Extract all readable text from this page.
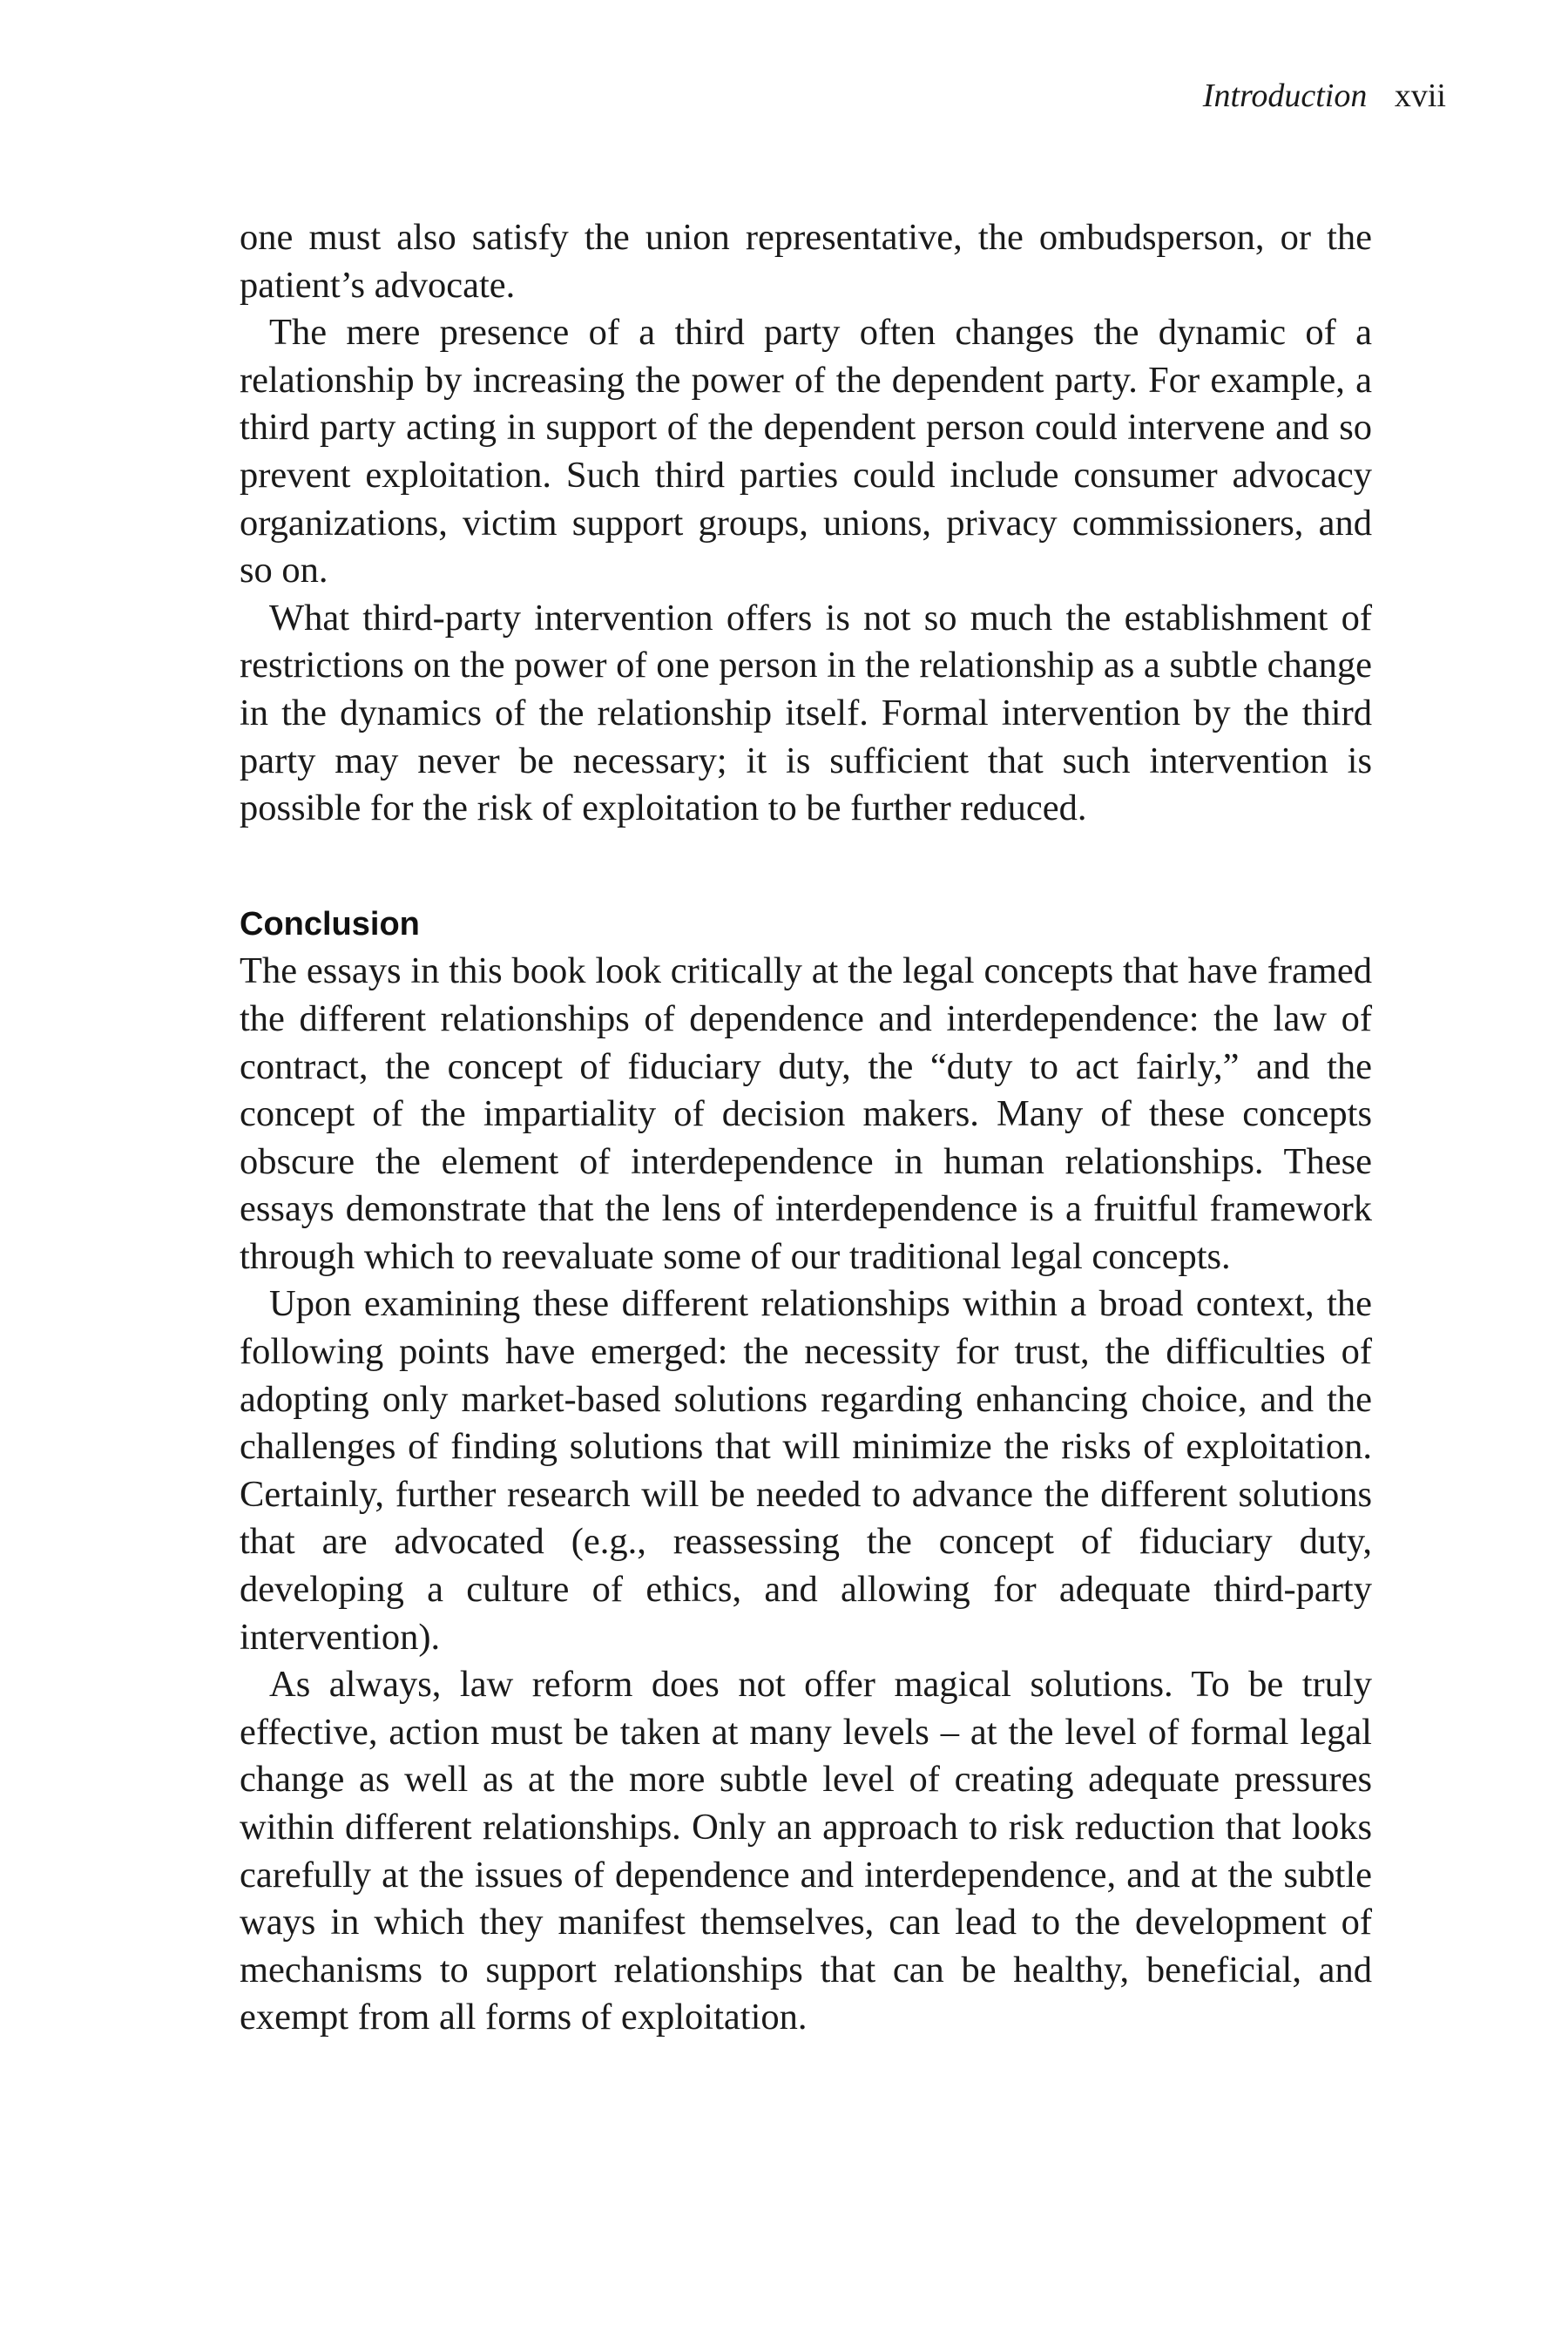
Introduction xvii

one must also satisfy the union representative, the ombudsperson, or the patient’s advocate.

The mere presence of a third party often changes the dynamic of a relationship by increasing the power of the dependent party. For example, a third party acting in support of the dependent person could intervene and so prevent exploitation. Such third parties could include consumer advocacy organizations, victim support groups, unions, privacy commissioners, and so on.

What third-party intervention offers is not so much the establishment of restrictions on the power of one person in the relationship as a subtle change in the dynamics of the relationship itself. Formal intervention by the third party may never be necessary; it is sufficient that such intervention is possible for the risk of exploitation to be further reduced.

Conclusion

The essays in this book look critically at the legal concepts that have framed the different relationships of dependence and interdependence: the law of contract, the concept of fiduciary duty, the “duty to act fairly,” and the concept of the impartiality of decision makers. Many of these concepts obscure the element of interdependence in human relationships. These essays demonstrate that the lens of interdependence is a fruitful framework through which to reevaluate some of our traditional legal concepts.

Upon examining these different relationships within a broad context, the following points have emerged: the necessity for trust, the difficulties of adopting only market-based solutions regarding enhancing choice, and the challenges of finding solutions that will minimize the risks of exploitation. Certainly, further research will be needed to advance the different solutions that are advocated (e.g., reassessing the concept of fiduciary duty, developing a culture of ethics, and allowing for adequate third-party intervention).

As always, law reform does not offer magical solutions. To be truly effective, action must be taken at many levels – at the level of formal legal change as well as at the more subtle level of creating adequate pressures within different relationships. Only an approach to risk reduction that looks carefully at the issues of dependence and interdependence, and at the subtle ways in which they manifest themselves, can lead to the development of mechanisms to support relationships that can be healthy, beneficial, and exempt from all forms of exploitation.
